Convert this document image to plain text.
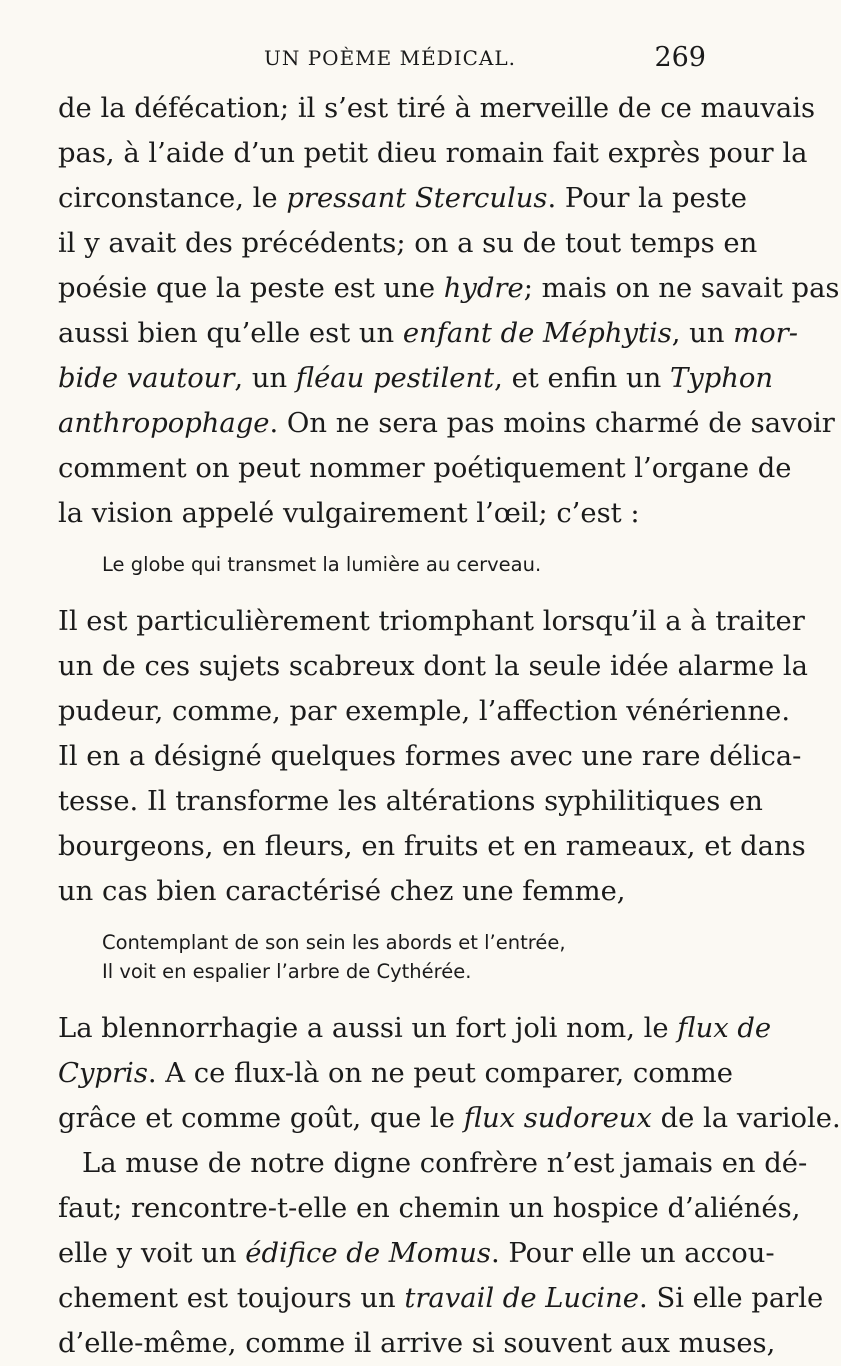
UN POÈME MÉDICAL.	269
de la défécation; il s’est tiré à merveille de ce mauvais
pas, à l’aide d’un petit dieu romain fait exprès pour la
circonstance, le pressant Sterculus. Pour la peste
il y avait des précédents; on a su de tout temps en
poésie que la peste est une hydre; mais on ne savait pas
aussi bien qu’elle est un enfant de Méphytis, un mor-
bide vautour, un fléau pestilent, et enfin un Typhon
anthropophage. On ne sera pas moins charmé de savoir
comment on peut nommer poétiquement l’organe de
la vision appelé vulgairement l’œil; c’est :
Le globe qui transmet la lumière au cerveau.
Il est particulièrement triomphant lorsqu’il a à traiter
un de ces sujets scabreux dont la seule idée alarme la
pudeur, comme, par exemple, l’affection vénérienne.
Il en a désigné quelques formes avec une rare délica-
tesse. Il transforme les altérations syphilitiques en
bourgeons, en fleurs, en fruits et en rameaux, et dans
un cas bien caractérisé chez une femme,
Contemplant de son sein les abords et l’entrée,
Il voit en espalier l’arbre de Cythérée.
La blennorrhagie a aussi un fort joli nom, le flux de
Cypris. A ce flux-là on ne peut comparer, comme
grâce et comme goût, que le flux sudoreux de la variole.
La muse de notre digne confrère n’est jamais en dé-
faut; rencontre-t-elle en chemin un hospice d’aliénés,
elle y voit un édifice de Momus. Pour elle un accou-
chement est toujours un travail de Lucine. Si elle parle
d’elle-même, comme il arrive si souvent aux muses,
